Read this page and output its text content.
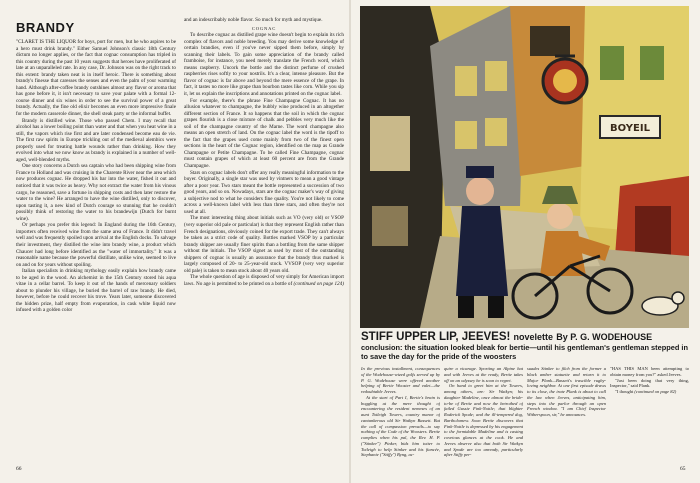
BRANDY

"CLARET IS THE LIQUOR for boys, port for men, but he who aspires to be a hero must drink brandy." Either Samuel Johnson's classic 18th Century dictum no longer applies, or the fact that cognac consumption has tripled in this country during the past 10 years suggests that heroes have proliferated of late at an unparalleled rate. In any case, Dr. Johnson was on the right track to this extent: brandy taken neat is in itself heroic. There is something about brandy's finesse that caresses the senses and even the palm of your warming hand. Although after-coffee brandy outshines almost any flavor or aroma that has gone before it, it isn't necessary to save your palate with a formal 12-course dinner and six wines in order to see the survival power of a great brandy. Actually, the fine old elixir becomes an even more impressive finale for the modern casserole dinner, the shell steak party or the informal buffet.

Brandy is distilled wine. Those who passed Chem. I may recall that alcohol has a lower boiling point than water and that when you heat wine in a still, the vapors which rise first and are later condensed become eau de vie. The first raw spirits in Europe trickling out of the medieval alembics were properly used for treating battle wounds rather than drinking. How they evolved into what we now know as brandy is explained in a number of well-aged, well-blended myths.

One story concerns a Dutch sea captain who had been shipping wine from France to Holland and was cruising in the Charente River near the area which now produces cognac. He dropped his bar into the water, fished it out and noticed that it was twice as heavy. Why not extract the water from his vinous cargo, he reasoned, save a fortune in shipping costs and then later restore the water to the wine? He arranged to have the wine distilled, only to discover, upon tasting it, a new kind of Dutch courage so stunning that he couldn't possibly think of restoring the water to his brandewijn (Dutch for burnt wine).

Or perhaps you prefer this legend: In England during the 16th Century, importers often received wine from the same area of France. It didn't travel well and was frequently spoiled upon arrival at the English docks. To salvage their investment, they distilled the wine into brandy wine, a product which Chaucer had long before identified as the "water of immortality." It was a reasonable name because the powerful distillate, unlike wine, seemed to live on and on for years without spoiling.

Italian specialists in drinking mythology easily explain how brandy came to be aged in the wood. An alchemist in the 15th Century stored his aqua vitae in a cellar barrel. To keep it out of the hands of mercenary soldiers about to plunder his village, he buried the barrel of raw brandy. He died, however, before he could recover his trove. Years later, someone discovered the hidden prize, half empty from evaporation, in cask white liquid now infused with a golden color

and an indescribably noble flavor. So much for myth and mystique.

COGNAC

To describe cognac as distilled grape wine doesn't begin to explain its rich complex of flavors and noble breeding. You may derive some knowledge of certain brandies, even if you've never sipped them before, simply by scanning their labels. To gain some appreciation of the brandy called framboise, for instance, you need merely translate the French word, which means raspberry. Uncork the bottle and the distinct perfume of crushed raspberries rises softly to your nostrils. It's a clear, intense pleasure. But the flavor of cognac is far above and beyond the mere essence of the grape. In fact, it tastes no more like grape than bourbon tastes like corn. While you sip it, let us explain the inscriptions and annotations printed on the cognac label.

For example, there's the phrase Fine Champagne Cognac. It has no allusion whatever to champagne, the bubbly wine produced in an altogether different section of France. It so happens that the soil in which the cognac grapes flourish is a close mixture of chalk and pebbles very much like the soil of the champagne country of the Marne. The word champagne also means an open stretch of land. On the cognac label the word is the tipoff to the fact that the grapes used come mainly from two of the finest open sections in the heart of the Cognac region, identified on the map as Grande Champagne or Petite Champagne. To be called Fine Champagne, cognac must contain grapes of which at least 60 percent are from the Grande Champagne.

Stars on cognac labels don't offer any really meaningful information to the buyer. Originally, a single star was used by vintners to mean a good vintage after a poor year. Two stars meant the bottle represented a succession of two good years, and so on. Nowadays, stars are the cognac maker's way of giving a subjective nod to what he considers fine quality. You're not likely to come across a well-known label with less than three stars, and often they're not used at all.

The most interesting thing about initials such as VO (very old) or VSOP (very superior old pale or particular) is that they represent English rather than French designations, obviously coined for the export trade. They can't always be taken as a strict code of quality. Bottles marked VSOP by a particular brandy shipper are usually finer spirits than a bottling from the same shipper without the initials. The VSOP signet as used by most of the outstanding shippers of cognac is usually an assurance that the brandy thus marked is largely composed of 20- to 25-year-old stock. VVSOP (very very superior old pale) is taken to mean stock about 40 years old.

The whole question of age is disposed of very simply for American import laws. No age is permitted to be printed on a bottle of (continued on page 124)

66
BOYEIL
STIFF UPPER LIP, JEEVES! novelette By P. G. WODEHOUSE
conclusion: the situation looked bleak for bertie—until his gentleman's gentleman stepped in to save the day for the pride of the woosters

In the previous installment, consequences of the Wodehouse-wized golfs served up by P. G. Wodehouse were offered another helping of Bertie Wooster and valet—the redoubtable Jeeves.

At the start of Part I, Bertie's brain is boggling at the mere thought of encountering the resident nemeses of an aunt Totleigh Towers, country manor of cantankerous old Sir Watkyn Bassett. But the call of compassion prevails—to say nothing of the Code of the Woosters. Bertie complies when his pal, the Rev. H. P. ("Stinker") Pinker, bids him totter to Totleigh to help Stinker and his fiancée, Stephanie ("Stiffy") Byng, ac-

quire a vicarage. Sporting an Alpine hat and with Jeeves at the ready, Bertie takes off on an odyssey he is soon to regret.

On hand to greet him at the Towers, among others, are: Sir Watkyn; his daughter Madeline, once almost the bride-to-be of Bertie and now the betrothed of failed Gussie Fink-Nottle; that blighter Roderick Spode; and the ill-tempered dog, Bartholomew. Soon Bertie discovers that Fink-Nottle is depressed by his engagement to the formidable Madeline and is casting covetous glances at the cook. He and Jeeves observe also that both Sir Watkyn and Spode are too unready, particularly after Stiffy per-

suades Stinker to filch from the former a black amber statuette and return it to Major Plank—Bassett's irascible rugby-loving neighbor. At one first episode draws to its close, the irate Plank is about to call the law when Jeeves, anticipating him, steps into the parlor through an open French window. "I am Chief Inspector Witherspoon, sir," he announces.

"HAS THIS MAN been attempting to obtain money from you?" asked Jeeves.

"Just been doing that very thing, Inspector," said Plank.

"I thought (continued on page 82)

65
